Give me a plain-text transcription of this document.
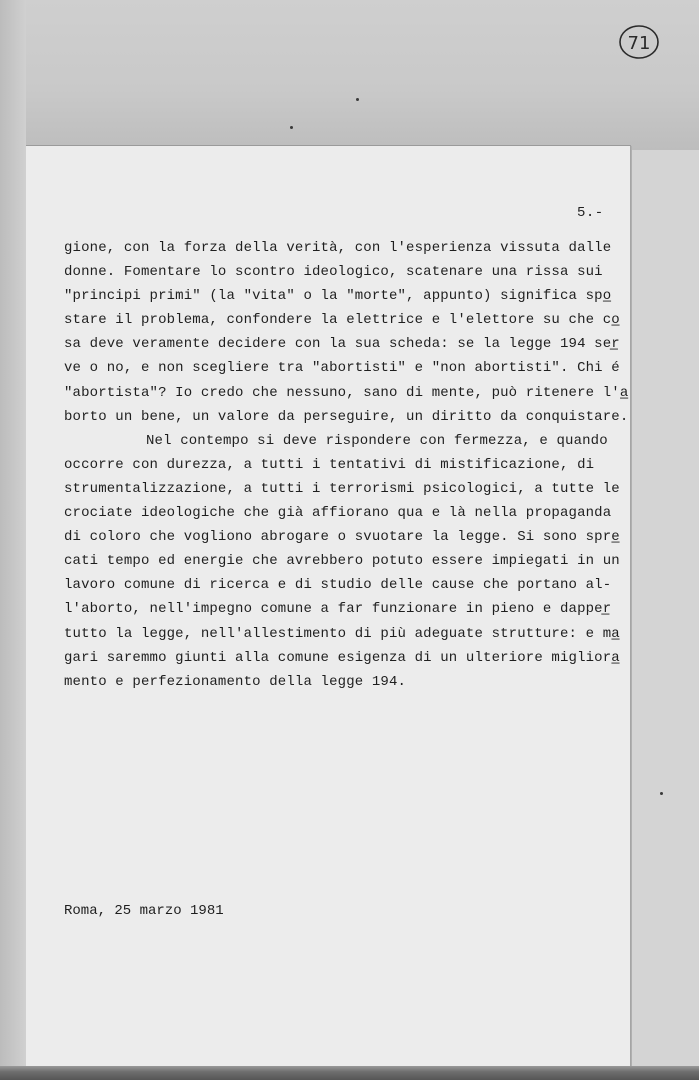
71
5.-
gione, con la forza della verità, con l'esperienza vissuta dalle
donne. Fomentare lo scontro ideologico, scatenare una rissa sui
"principi primi" (la "vita" o la "morte", appunto) significa spo̲
stare il problema, confondere la elettrice e l'elettore su che co̲
sa deve veramente decidere con la sua scheda: se la legge 194 ser̲
ve o no, e non scegliere tra "abortisti" e "non abortisti". Chi é
"abortista"? Io credo che nessuno, sano di mente, può ritenere l'a̲
borto un bene, un valore da perseguire, un diritto da conquistare.
Nel contempo si deve rispondere con fermezza, e quando
occorre con durezza, a tutti i tentativi di mistificazione, di
strumentalizzazione, a tutti i terrorismi psicologici, a tutte le
crociate ideologiche che già affiorano qua e là nella propaganda
di coloro che vogliono abrogare o svuotare la legge. Si sono spre̲
cati tempo ed energie che avrebbero potuto essere impiegati in un
lavoro comune di ricerca e di studio delle cause che portano al-
l'aborto, nell'impegno comune a far funzionare in pieno e dapper̲
tutto la legge, nell'allestimento di più adeguate strutture: e ma̲
gari saremmo giunti alla comune esigenza di un ulteriore migliora̲
mento e perfezionamento della legge 194.
Roma, 25 marzo 1981
